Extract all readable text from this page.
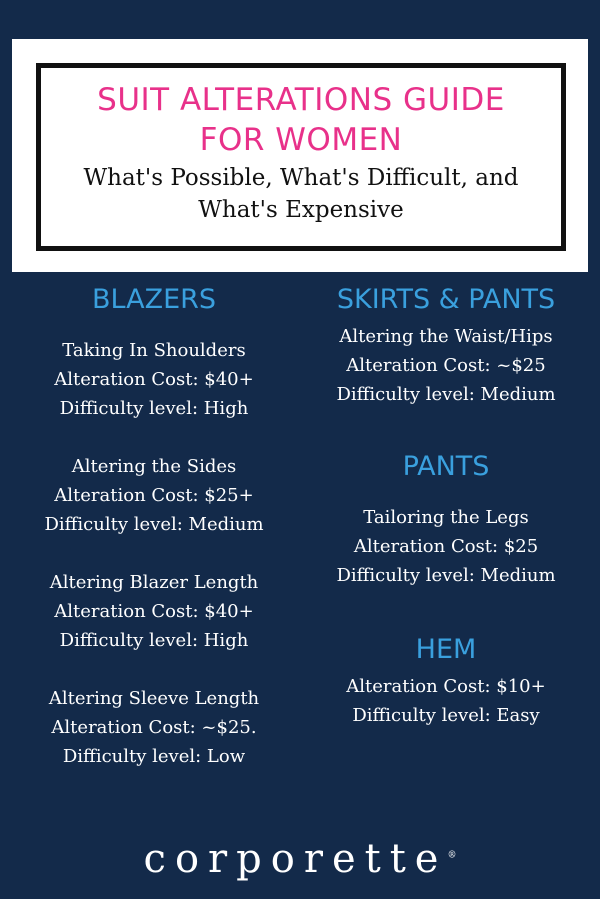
SUIT ALTERATIONS GUIDE
FOR WOMEN
What's Possible, What's Difficult, and
What's Expensive
BLAZERS
Taking In Shoulders
Alteration Cost: $40+
Difficulty level: High
Altering the Sides
Alteration Cost: $25+
Difficulty level: Medium
Altering Blazer Length
Alteration Cost: $40+
Difficulty level: High
Altering Sleeve Length
Alteration Cost: ~$25.
Difficulty level: Low
SKIRTS & PANTS
Altering the Waist/Hips
Alteration Cost: ~$25
Difficulty level: Medium
PANTS
Tailoring the Legs
Alteration Cost: $25
Difficulty level: Medium
HEM
Alteration Cost: $10+
Difficulty level: Easy
corporette®
